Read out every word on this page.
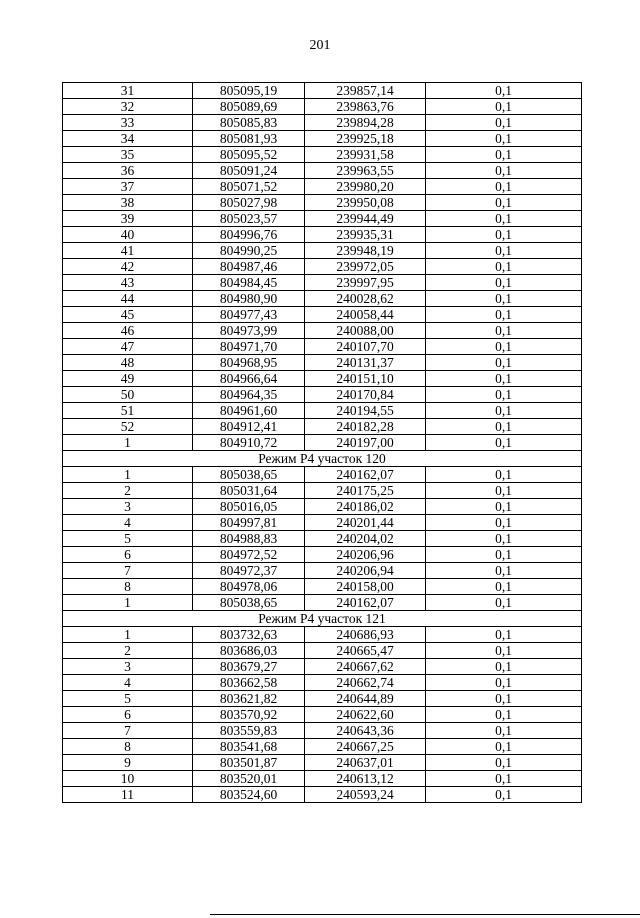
201
31	805095,19	239857,14	0,1
32	805089,69	239863,76	0,1
33	805085,83	239894,28	0,1
34	805081,93	239925,18	0,1
35	805095,52	239931,58	0,1
36	805091,24	239963,55	0,1
37	805071,52	239980,20	0,1
38	805027,98	239950,08	0,1
39	805023,57	239944,49	0,1
40	804996,76	239935,31	0,1
41	804990,25	239948,19	0,1
42	804987,46	239972,05	0,1
43	804984,45	239997,95	0,1
44	804980,90	240028,62	0,1
45	804977,43	240058,44	0,1
46	804973,99	240088,00	0,1
47	804971,70	240107,70	0,1
48	804968,95	240131,37	0,1
49	804966,64	240151,10	0,1
50	804964,35	240170,84	0,1
51	804961,60	240194,55	0,1
52	804912,41	240182,28	0,1
1	804910,72	240197,00	0,1
Режим Р4 участок 120			
1	805038,65	240162,07	0,1
2	805031,64	240175,25	0,1
3	805016,05	240186,02	0,1
4	804997,81	240201,44	0,1
5	804988,83	240204,02	0,1
6	804972,52	240206,96	0,1
7	804972,37	240206,94	0,1
8	804978,06	240158,00	0,1
1	805038,65	240162,07	0,1
Режим Р4 участок 121			
1	803732,63	240686,93	0,1
2	803686,03	240665,47	0,1
3	803679,27	240667,62	0,1
4	803662,58	240662,74	0,1
5	803621,82	240644,89	0,1
6	803570,92	240622,60	0,1
7	803559,83	240643,36	0,1
8	803541,68	240667,25	0,1
9	803501,87	240637,01	0,1
10	803520,01	240613,12	0,1
11	803524,60	240593,24	0,1
